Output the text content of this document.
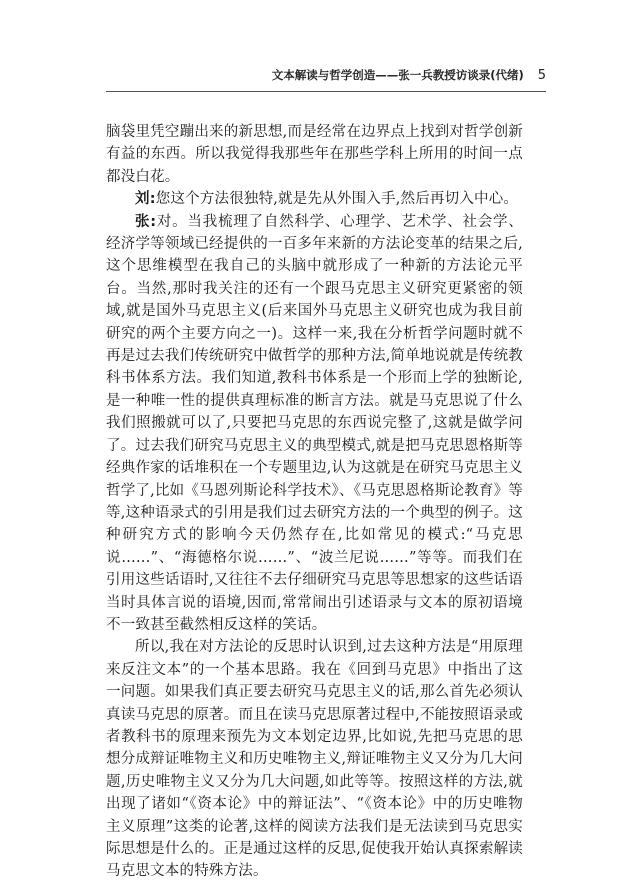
文本解读与哲学创造——张一兵教授访谈录(代绪) 5

脑袋里凭空蹦出来的新思想,而是经常在边界点上找到对哲学创新有益的东西。所以我觉得我那些年在那些学科上所用的时间一点都没白花。

刘:您这个方法很独特,就是先从外围入手,然后再切入中心。

张:对。当我梳理了自然科学、心理学、艺术学、社会学、经济学等领域已经提供的一百多年来新的方法论变革的结果之后,这个思维模型在我自己的头脑中就形成了一种新的方法论元平台。当然,那时我关注的还有一个跟马克思主义研究更紧密的领域,就是国外马克思主义(后来国外马克思主义研究也成为我目前研究的两个主要方向之一)。这样一来,我在分析哲学问题时就不再是过去我们传统研究中做哲学的那种方法,简单地说就是传统教科书体系方法。我们知道,教科书体系是一个形而上学的独断论,是一种唯一性的提供真理标准的断言方法。就是马克思说了什么我们照搬就可以了,只要把马克思的东西说完整了,这就是做学问了。过去我们研究马克思主义的典型模式,就是把马克思恩格斯等经典作家的话堆积在一个专题里边,认为这就是在研究马克思主义哲学了,比如《马恩列斯论科学技术》、《马克思恩格斯论教育》等等,这种语录式的引用是我们过去研究方法的一个典型的例子。这种研究方式的影响今天仍然存在,比如常见的模式:“马克思说……”、“海德格尔说……”、“波兰尼说……”等等。而我们在引用这些话语时,又往往不去仔细研究马克思等思想家的这些话语当时具体言说的语境,因而,常常闹出引述语录与文本的原初语境不一致甚至截然相反这样的笑话。

所以,我在对方法论的反思时认识到,过去这种方法是“用原理来反注文本”的一个基本思路。我在《回到马克思》中指出了这一问题。如果我们真正要去研究马克思主义的话,那么首先必须认真读马克思的原著。而且在读马克思原著过程中,不能按照语录或者教科书的原理来预先为文本划定边界,比如说,先把马克思的思想分成辩证唯物主义和历史唯物主义,辩证唯物主义又分为几大问题,历史唯物主义又分为几大问题,如此等等。按照这样的方法,就出现了诸如“《资本论》中的辩证法”、“《资本论》中的历史唯物主义原理”这类的论著,这样的阅读方法我们是无法读到马克思实际思想是什么的。正是通过这样的反思,促使我开始认真探索解读马克思文本的特殊方法。
